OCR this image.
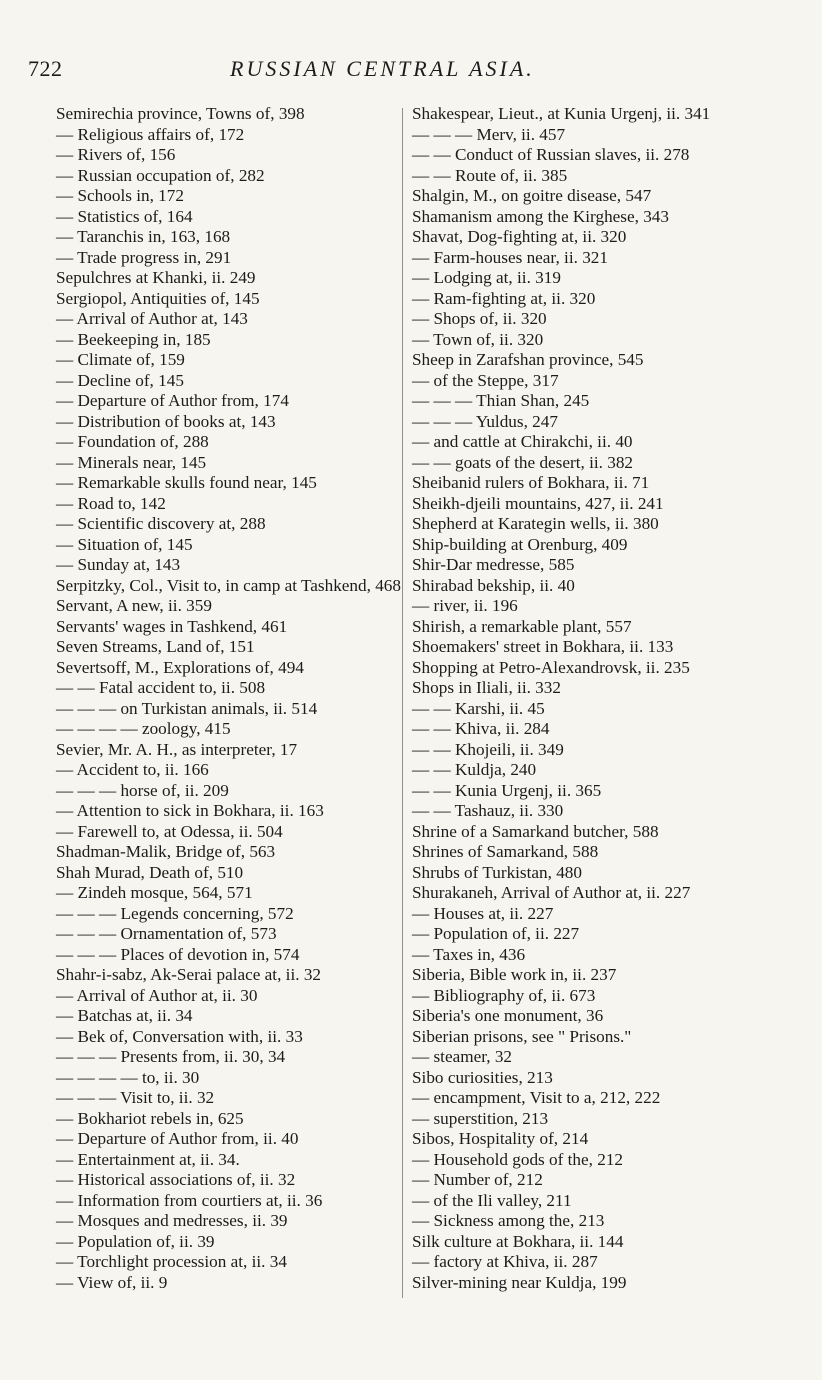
722	RUSSIAN CENTRAL ASIA.
Semirechia province, Towns of, 398
— Religious affairs of, 172
— Rivers of, 156
— Russian occupation of, 282
— Schools in, 172
— Statistics of, 164
— Taranchis in, 163, 168
— Trade progress in, 291
Sepulchres at Khanki, ii. 249
Sergiopol, Antiquities of, 145
— Arrival of Author at, 143
— Beekeeping in, 185
— Climate of, 159
— Decline of, 145
— Departure of Author from, 174
— Distribution of books at, 143
— Foundation of, 288
— Minerals near, 145
— Remarkable skulls found near, 145
— Road to, 142
— Scientific discovery at, 288
— Situation of, 145
— Sunday at, 143
Serpitzky, Col., Visit to, in camp at Tashkend, 468
Servant, A new, ii. 359
Servants' wages in Tashkend, 461
Seven Streams, Land of, 151
Severtsoff, M., Explorations of, 494
— — Fatal accident to, ii. 508
— — — on Turkistan animals, ii. 514
— — — — zoology, 415
Sevier, Mr. A. H., as interpreter, 17
— Accident to, ii. 166
— — — horse of, ii. 209
— Attention to sick in Bokhara, ii. 163
— Farewell to, at Odessa, ii. 504
Shadman-Malik, Bridge of, 563
Shah Murad, Death of, 510
— Zindeh mosque, 564, 571
— — — Legends concerning, 572
— — — Ornamentation of, 573
— — — Places of devotion in, 574
Shahr-i-sabz, Ak-Serai palace at, ii. 32
— Arrival of Author at, ii. 30
— Batchas at, ii. 34
— Bek of, Conversation with, ii. 33
— — — Presents from, ii. 30, 34
— — — — to, ii. 30
— — — Visit to, ii. 32
— Bokhariot rebels in, 625
— Departure of Author from, ii. 40
— Entertainment at, ii. 34.
— Historical associations of, ii. 32
— Information from courtiers at, ii. 36
— Mosques and medresses, ii. 39
— Population of, ii. 39
— Torchlight procession at, ii. 34
— View of, ii. 9
Shakespear, Lieut., at Kunia Urgenj, ii. 341
— — — Merv, ii. 457
— — Conduct of Russian slaves, ii. 278
— — Route of, ii. 385
Shalgin, M., on goitre disease, 547
Shamanism among the Kirghese, 343
Shavat, Dog-fighting at, ii. 320
— Farm-houses near, ii. 321
— Lodging at, ii. 319
— Ram-fighting at, ii. 320
— Shops of, ii. 320
— Town of, ii. 320
Sheep in Zarafshan province, 545
— of the Steppe, 317
— — — Thian Shan, 245
— — — Yuldus, 247
— and cattle at Chirakchi, ii. 40
— — goats of the desert, ii. 382
Sheibanid rulers of Bokhara, ii. 71
Sheikh-djeili mountains, 427, ii. 241
Shepherd at Karategin wells, ii. 380
Ship-building at Orenburg, 409
Shir-Dar medresse, 585
Shirabad bekship, ii. 40
— river, ii. 196
Shirish, a remarkable plant, 557
Shoemakers' street in Bokhara, ii. 133
Shopping at Petro-Alexandrovsk, ii. 235
Shops in Iliali, ii. 332
— — Karshi, ii. 45
— — Khiva, ii. 284
— — Khojeili, ii. 349
— — Kuldja, 240
— — Kunia Urgenj, ii. 365
— — Tashauz, ii. 330
Shrine of a Samarkand butcher, 588
Shrines of Samarkand, 588
Shrubs of Turkistan, 480
Shurakaneh, Arrival of Author at, ii. 227
— Houses at, ii. 227
— Population of, ii. 227
— Taxes in, 436
Siberia, Bible work in, ii. 237
— Bibliography of, ii. 673
Siberia's one monument, 36
Siberian prisons, see " Prisons."
— steamer, 32
Sibo curiosities, 213
— encampment, Visit to a, 212, 222
— superstition, 213
Sibos, Hospitality of, 214
— Household gods of the, 212
— Number of, 212
— of the Ili valley, 211
— Sickness among the, 213
Silk culture at Bokhara, ii. 144
— factory at Khiva, ii. 287
Silver-mining near Kuldja, 199
